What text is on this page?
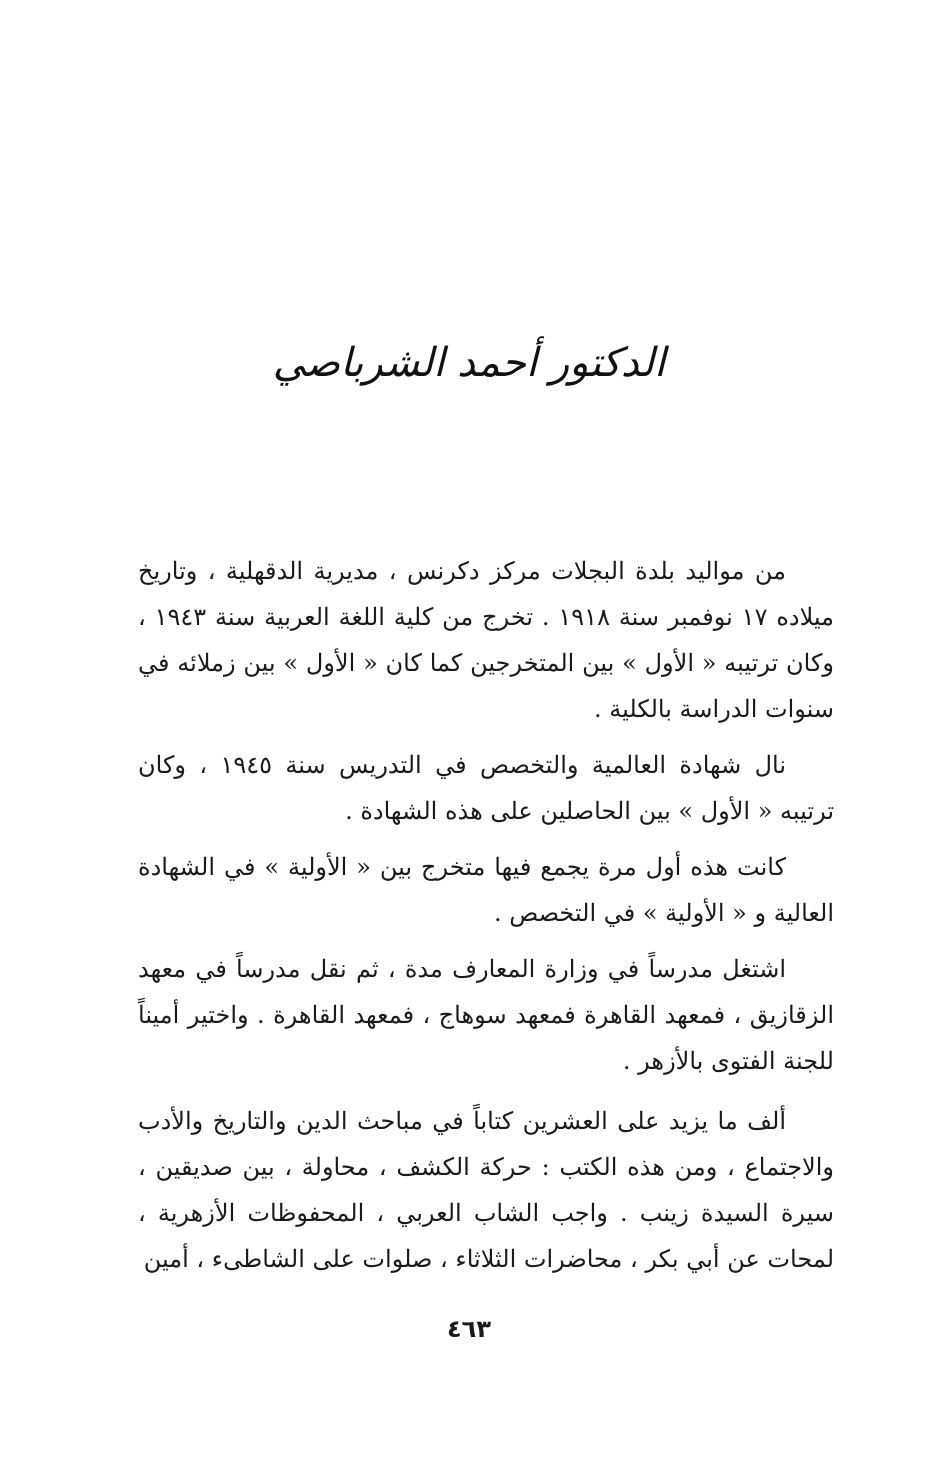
الدكتور أحمد الشرباصي

من مواليد بلدة البجلات مركز دكرنس ، مديرية الدقهلية ، وتاريخ ميلاده ١٧ نوفمبر سنة ١٩١٨ . تخرج من كلية اللغة العربية سنة ١٩٤٣ ، وكان ترتيبه « الأول » بين المتخرجين كما كان « الأول » بين زملائه في سنوات الدراسة بالكلية .

نال شهادة العالمية والتخصص في التدريس سنة ١٩٤٥ ، وكان ترتيبه « الأول » بين الحاصلين على هذه الشهادة .

كانت هذه أول مرة يجمع فيها متخرج بين « الأولية » في الشهادة العالية و « الأولية » في التخصص .

اشتغل مدرساً في وزارة المعارف مدة ، ثم نقل مدرساً في معهد الزقازيق ، فمعهد القاهرة فمعهد سوهاج ، فمعهد القاهرة . واختير أميناً للجنة الفتوى بالأزهر .

ألف ما يزيد على العشرين كتاباً في مباحث الدين والتاريخ والأدب والاجتماع ، ومن هذه الكتب : حركة الكشف ، محاولة ، بين صديقين ، سيرة السيدة زينب . واجب الشاب العربي ، المحفوظات الأزهرية ، لمحات عن أبي بكر ، محاضرات الثلاثاء ، صلوات على الشاطىء ، أمين

٤٦٣
